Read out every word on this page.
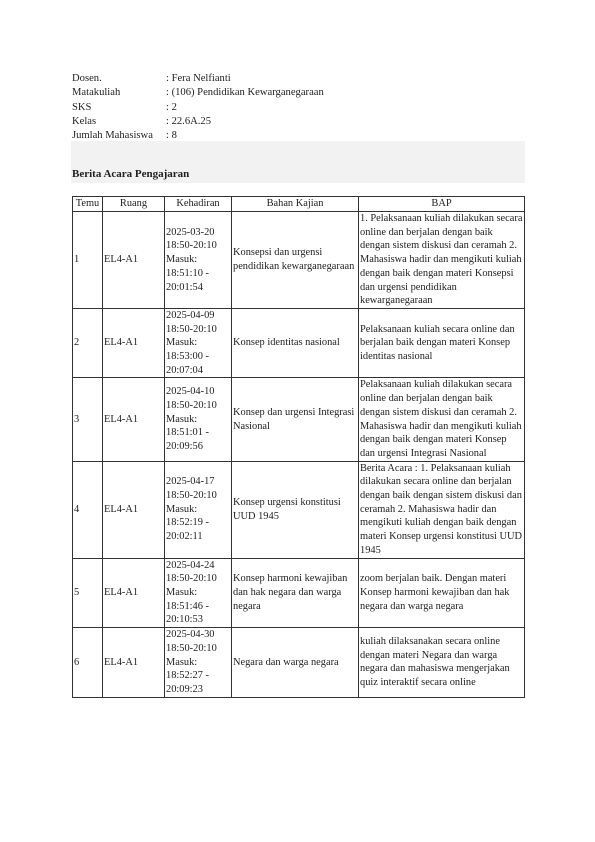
Dosen.	: Fera Nelfianti
Matakuliah	: (106) Pendidikan Kewarganegaraan
SKS	: 2
Kelas	: 22.6A.25
Jumlah Mahasiswa	: 8
Berita Acara Pengajaran
Temu	Ruang	Kehadiran	Bahan Kajian	BAP
1	EL4-A1	2025-03-20 18:50-20:10 Masuk: 18:51:10 - 20:01:54	Konsepsi dan urgensi pendidikan kewarganegaraan	1. Pelaksanaan kuliah dilakukan secara online dan berjalan dengan baik dengan sistem diskusi dan ceramah 2. Mahasiswa hadir dan mengikuti kuliah dengan baik dengan materi Konsepsi dan urgensi pendidikan kewarganegaraan
2	EL4-A1	2025-04-09 18:50-20:10 Masuk: 18:53:00 - 20:07:04	Konsep identitas nasional	Pelaksanaan kuliah secara online dan berjalan baik dengan materi Konsep identitas nasional
3	EL4-A1	2025-04-10 18:50-20:10 Masuk: 18:51:01 - 20:09:56	Konsep dan urgensi Integrasi Nasional	Pelaksanaan kuliah dilakukan secara online dan berjalan dengan baik dengan sistem diskusi dan ceramah 2. Mahasiswa hadir dan mengikuti kuliah dengan baik dengan materi Konsep dan urgensi Integrasi Nasional
4	EL4-A1	2025-04-17 18:50-20:10 Masuk: 18:52:19 - 20:02:11	Konsep urgensi konstitusi UUD 1945	Berita Acara : 1. Pelaksanaan kuliah dilakukan secara online dan berjalan dengan baik dengan sistem diskusi dan ceramah 2. Mahasiswa hadir dan mengikuti kuliah dengan baik dengan materi Konsep urgensi konstitusi UUD 1945
5	EL4-A1	2025-04-24 18:50-20:10 Masuk: 18:51:46 - 20:10:53	Konsep harmoni kewajiban dan hak negara dan warga negara	zoom berjalan baik. Dengan materi Konsep harmoni kewajiban dan hak negara dan warga negara
6	EL4-A1	2025-04-30 18:50-20:10 Masuk: 18:52:27 - 20:09:23	Negara dan warga negara	kuliah dilaksanakan secara online dengan materi Negara dan warga negara dan mahasiswa mengerjakan quiz interaktif secara online
